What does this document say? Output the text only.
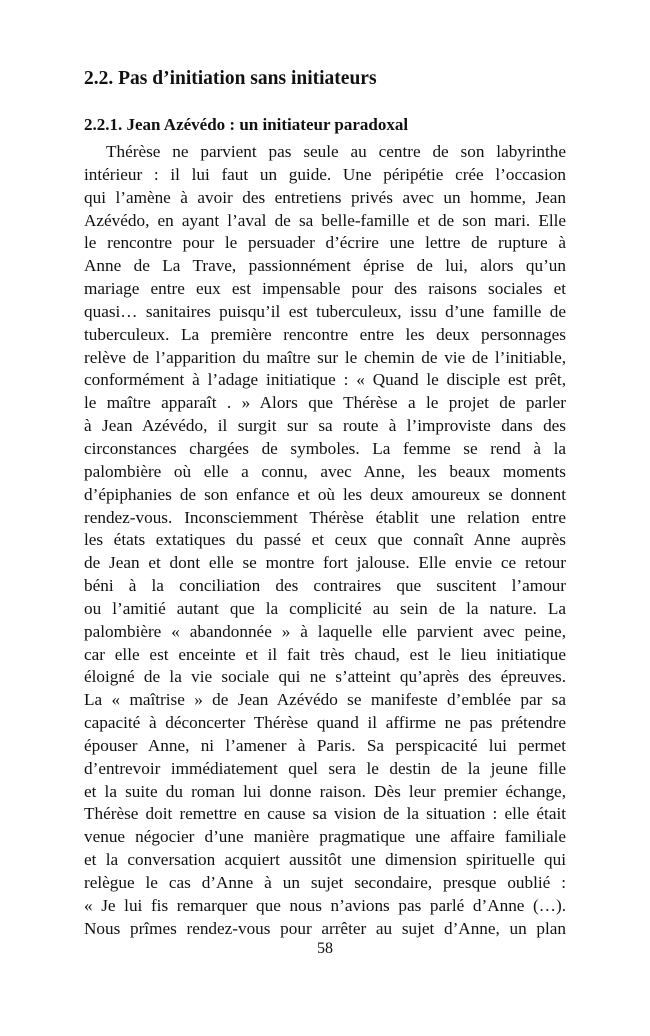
2.2. Pas d’initiation sans initiateurs
2.2.1. Jean Azévédo : un initiateur paradoxal
Thérèse ne parvient pas seule au centre de son labyrinthe
intérieur : il lui faut un guide. Une péripétie crée l’occasion
qui l’amène à avoir des entretiens privés avec un homme, Jean
Azévédo, en ayant l’aval de sa belle-famille et de son mari. Elle
le rencontre pour le persuader d’écrire une lettre de rupture à
Anne de La Trave, passionnément éprise de lui, alors qu’un
mariage entre eux est impensable pour des raisons sociales et
quasi… sanitaires puisqu’il est tuberculeux, issu d’une famille de
tuberculeux. La première rencontre entre les deux personnages
relève de l’apparition du maître sur le chemin de vie de l’initiable,
conformément à l’adage initiatique : « Quand le disciple est prêt,
le maître apparaît . » Alors que Thérèse a le projet de parler
à Jean Azévédo, il surgit sur sa route à l’improviste dans des
circonstances chargées de symboles. La femme se rend à la
palombière où elle a connu, avec Anne, les beaux moments
d’épiphanies de son enfance et où les deux amoureux se donnent
rendez-vous. Inconsciemment Thérèse établit une relation entre
les états extatiques du passé et ceux que connaît Anne auprès
de Jean et dont elle se montre fort jalouse. Elle envie ce retour
béni à la conciliation des contraires que suscitent l’amour
ou l’amitié autant que la complicité au sein de la nature. La
palombière « abandonnée » à laquelle elle parvient avec peine,
car elle est enceinte et il fait très chaud, est le lieu initiatique
éloigné de la vie sociale qui ne s’atteint qu’après des épreuves.
La « maîtrise » de Jean Azévédo se manifeste d’emblée par sa
capacité à déconcerter Thérèse quand il affirme ne pas prétendre
épouser Anne, ni l’amener à Paris. Sa perspicacité lui permet
d’entrevoir immédiatement quel sera le destin de la jeune fille
et la suite du roman lui donne raison. Dès leur premier échange,
Thérèse doit remettre en cause sa vision de la situation : elle était
venue négocier d’une manière pragmatique une affaire familiale
et la conversation acquiert aussitôt une dimension spirituelle qui
relègue le cas d’Anne à un sujet secondaire, presque oublié :
« Je lui fis remarquer que nous n’avions pas parlé d’Anne (…).
Nous prîmes rendez-vous pour arrêter au sujet d’Anne, un plan
58
